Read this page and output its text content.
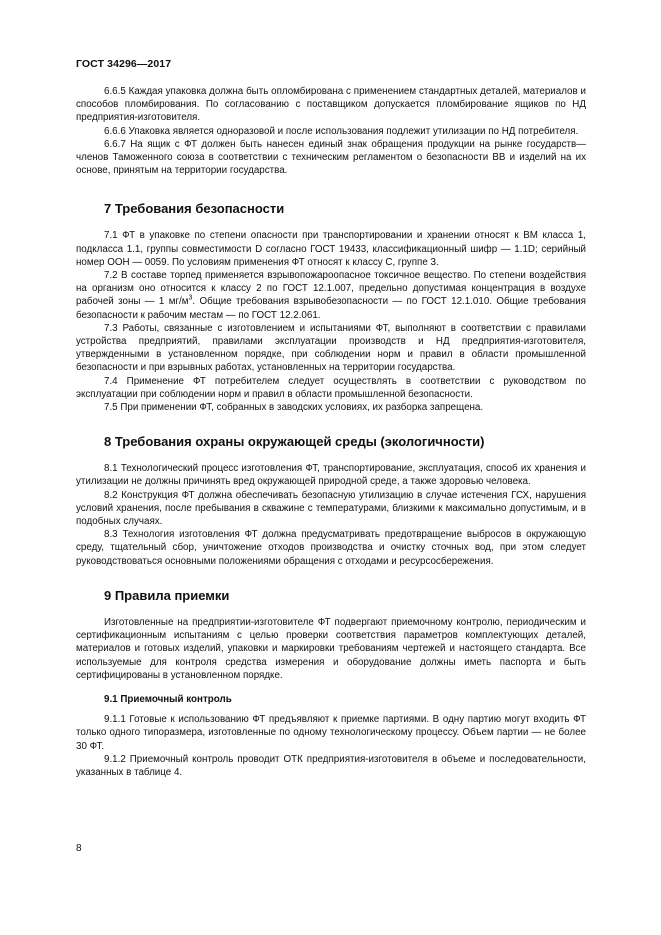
ГОСТ 34296—2017

6.6.5 Каждая упаковка должна быть опломбирована с применением стандартных деталей, материалов и способов пломбирования. По согласованию с поставщиком допускается пломбирование ящиков по НД предприятия-изготовителя.

6.6.6 Упаковка является одноразовой и после использования подлежит утилизации по НД потребителя.

6.6.7 На ящик с ФТ должен быть нанесен единый знак обращения продукции на рынке государств—членов Таможенного союза в соответствии с техническим регламентом о безопасности ВВ и изделий на их основе, принятым на территории государства.

7 Требования безопасности

7.1 ФТ в упаковке по степени опасности при транспортировании и хранении относят к ВМ класса 1, подкласса 1.1, группы совместимости D согласно ГОСТ 19433, классификационный шифр — 1.1D; серийный номер ООН — 0059. По условиям применения ФТ относят к классу С, группе 3.

7.2 В составе торпед применяется взрывопожароопасное токсичное вещество. По степени воздействия на организм оно относится к классу 2 по ГОСТ 12.1.007, предельно допустимая концентрация в воздухе рабочей зоны — 1 $мг/м^3$. Общие требования взрывобезопасности — по ГОСТ 12.1.010. Общие требования безопасности к рабочим местам — по ГОСТ 12.2.061.

7.3 Работы, связанные с изготовлением и испытаниями ФТ, выполняют в соответствии с правилами устройства предприятий, правилами эксплуатации производств и НД предприятия-изготовителя, утвержденными в установленном порядке, при соблюдении норм и правил в области промышленной безопасности и при взрывных работах, установленных на территории государства.

7.4 Применение ФТ потребителем следует осуществлять в соответствии с руководством по эксплуатации при соблюдении норм и правил в области промышленной безопасности.

7.5 При применении ФТ, собранных в заводских условиях, их разборка запрещена.

8 Требования охраны окружающей среды (экологичности)

8.1 Технологический процесс изготовления ФТ, транспортирование, эксплуатация, способ их хранения и утилизации не должны причинять вред окружающей природной среде, а также здоровью человека.

8.2 Конструкция ФТ должна обеспечивать безопасную утилизацию в случае истечения ГСХ, нарушения условий хранения, после пребывания в скважине с температурами, близкими к максимально допустимым, и в подобных случаях.

8.3 Технология изготовления ФТ должна предусматривать предотвращение выбросов в окружающую среду, тщательный сбор, уничтожение отходов производства и очистку сточных вод, при этом следует руководствоваться основными положениями обращения с отходами и ресурсосбережения.

9 Правила приемки

Изготовленные на предприятии-изготовителе ФТ подвергают приемочному контролю, периодическим и сертификационным испытаниям с целью проверки соответствия параметров комплектующих деталей, материалов и готовых изделий, упаковки и маркировки требованиям чертежей и настоящего стандарта. Все используемые для контроля средства измерения и оборудование должны иметь паспорта и быть сертифицированы в установленном порядке.

9.1 Приемочный контроль

9.1.1 Готовые к использованию ФТ предъявляют к приемке партиями. В одну партию могут входить ФТ только одного типоразмера, изготовленные по одному технологическому процессу. Объем партии — не более 30 ФТ.

9.1.2 Приемочный контроль проводит ОТК предприятия-изготовителя в объеме и последовательности, указанных в таблице 4.

8
